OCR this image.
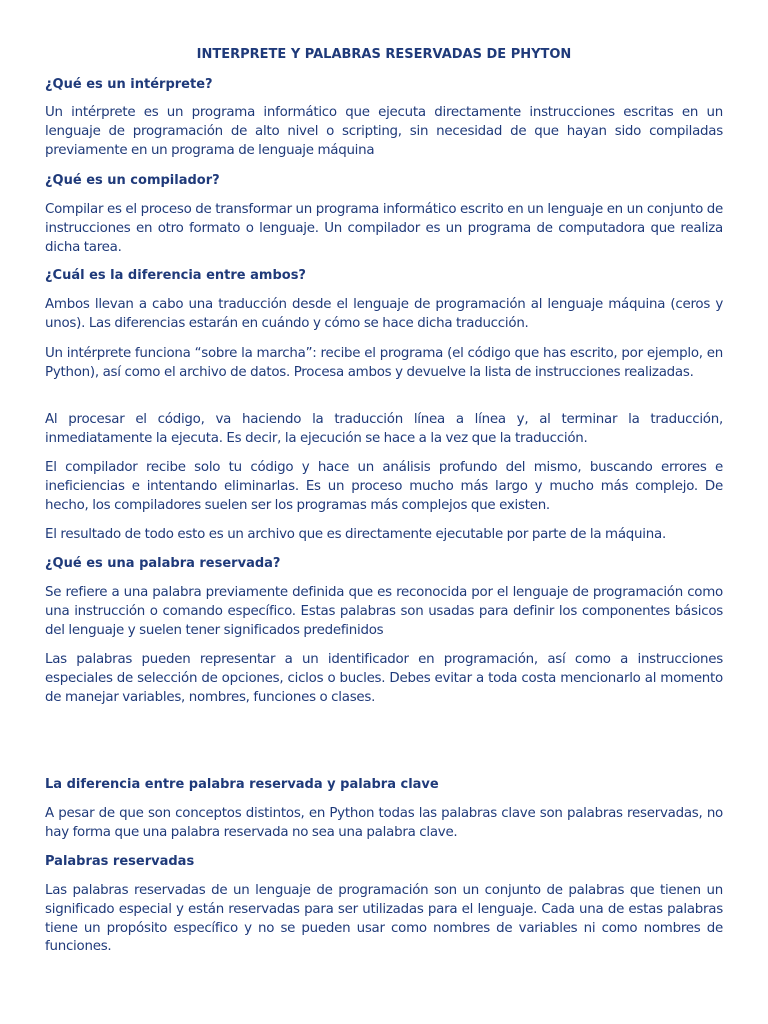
INTERPRETE Y PALABRAS RESERVADAS DE PHYTON
¿Qué es un intérprete?

Un intérprete es un programa informático que ejecuta directamente instrucciones escritas en un lenguaje de programación de alto nivel o scripting, sin necesidad de que hayan sido compiladas previamente en un programa de lenguaje máquina

¿Qué es un compilador?

Compilar es el proceso de transformar un programa informático escrito en un lenguaje en un conjunto de instrucciones en otro formato o lenguaje. Un compilador es un programa de computadora que realiza dicha tarea.

¿Cuál es la diferencia entre ambos?

Ambos llevan a cabo una traducción desde el lenguaje de programación al lenguaje máquina (ceros y unos). Las diferencias estarán en cuándo y cómo se hace dicha traducción.

Un intérprete funciona “sobre la marcha”: recibe el programa (el código que has escrito, por ejemplo, en Python), así como el archivo de datos. Procesa ambos y devuelve la lista de instrucciones realizadas.

Al procesar el código, va haciendo la traducción línea a línea y, al terminar la traducción, inmediatamente la ejecuta. Es decir, la ejecución se hace a la vez que la traducción.

El compilador recibe solo tu código y hace un análisis profundo del mismo, buscando errores e ineficiencias e intentando eliminarlas. Es un proceso mucho más largo y mucho más complejo. De hecho, los compiladores suelen ser los programas más complejos que existen.

El resultado de todo esto es un archivo que es directamente ejecutable por parte de la máquina.

¿Qué es una palabra reservada?

Se refiere a una palabra previamente definida que es reconocida por el lenguaje de programación como una instrucción o comando específico. Estas palabras son usadas para definir los componentes básicos del lenguaje y suelen tener significados predefinidos

Las palabras pueden representar a un identificador en programación, así como a instrucciones especiales de selección de opciones, ciclos o bucles. Debes evitar a toda costa mencionarlo al momento de manejar variables, nombres, funciones o clases.

La diferencia entre palabra reservada y palabra clave

A pesar de que son conceptos distintos, en Python todas las palabras clave son palabras reservadas, no hay forma que una palabra reservada no sea una palabra clave.

Palabras reservadas

Las palabras reservadas de un lenguaje de programación son un conjunto de palabras que tienen un significado especial y están reservadas para ser utilizadas para el lenguaje. Cada una de estas palabras tiene un propósito específico y no se pueden usar como nombres de variables ni como nombres de funciones.
